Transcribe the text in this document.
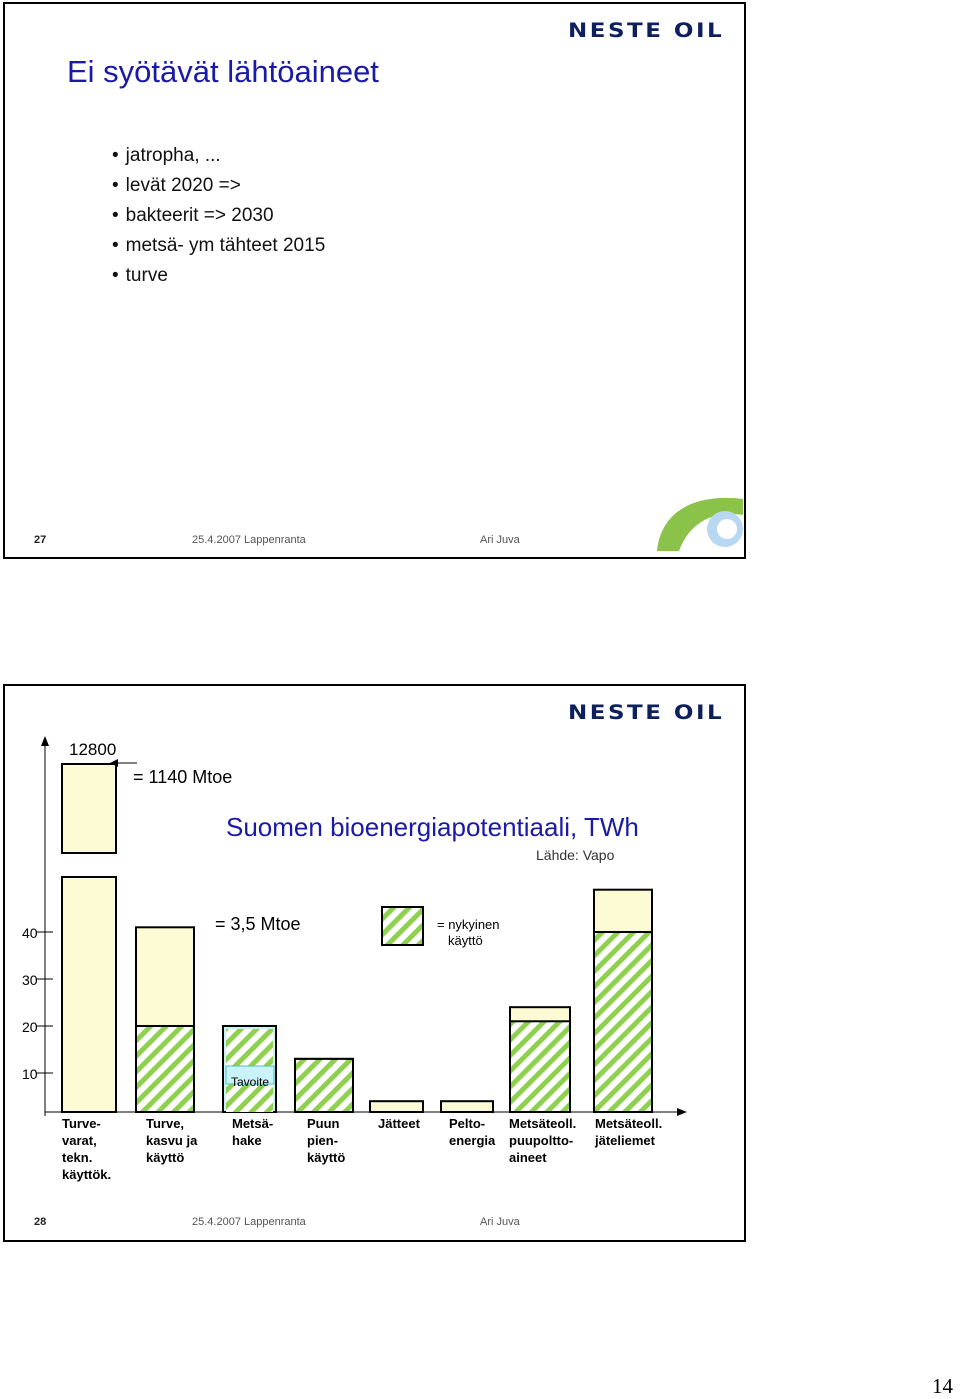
NESTE OIL
Ei syötävät lähtöaineet
• jatropha, ...
• levät 2020 =>
• bakteerit => 2030
• metsä- ym tähteet 2015
• turve
27	25.4.2007 Lappenranta	Ari Juva
NESTE OIL
12800
= 1140 Mtoe
Suomen bioenergiapotentiaali, TWh
Lähde: Vapo
= 3,5 Mtoe	= nykyinen
käyttö
10
20
30
40
Turve-
varat,
tekn.
käyttök.
Turve,
kasvu ja
käyttö
Metsä-
hake
Puun
pien-
käyttö
Jätteet Pelto-
energia
Metsäteoll.
puupoltto-
aineet
Metsäteoll.
jäteliemet
Tavoite
28	25.4.2007 Lappenranta	Ari Juva
14
